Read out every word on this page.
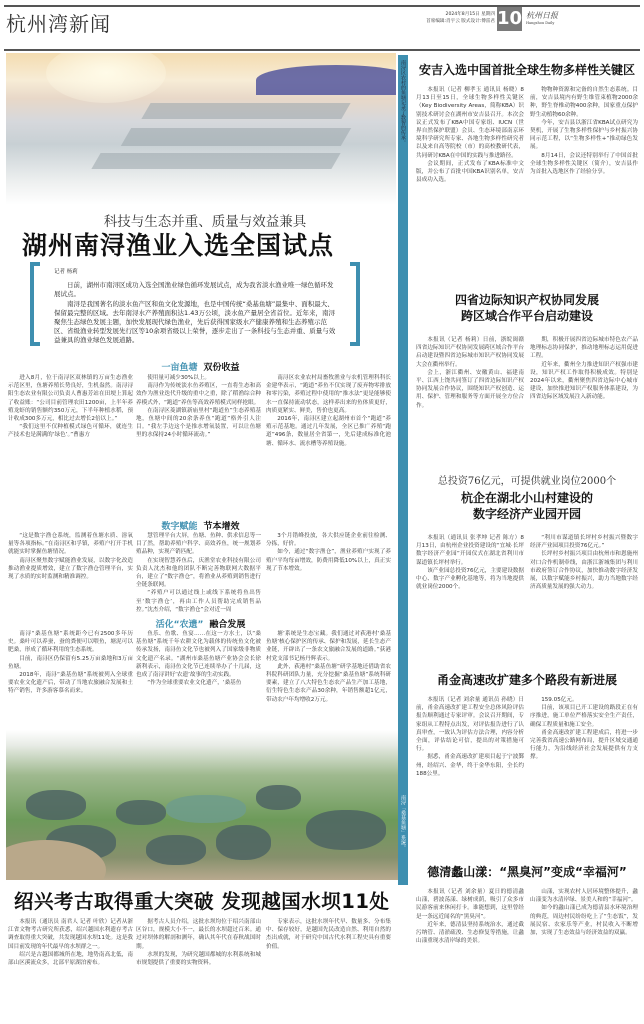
杭州湾新闻	2024年8月15日 星期四
首席编辑:肖宇云 版式设计:傅雷君 10 杭州日报
Hangzhou Daily
南浔区农村的鱼塘记录了数智的传承。
南浔「桑基鱼塘」系统。
科技与生态并重、质量与效益兼具
湖州南浔渔业入选全国试点

记者 杨莉

日前，湖州市南浔区成功入选全国渔业绿色循环发展试点，成为我省淡水渔业唯一绿色循环发展试点。

南浔是我国著名的淡水鱼产区和鱼文化发源地，也是中国传统“桑基鱼塘”最集中、面积最大、保留最完整的区域。去年南浔水产养殖面积达1.43万公顷，淡水鱼产量居全省首位。近年来，南浔聚焦生态绿色发展主题，加快发展现代绿色渔业，先后获得国家级水产健康养殖和生态养殖示范区、省级渔业转型发展先行区等10余项省级以上荣誉，逐步走出了一条科技与生态并重、质量与效益兼具的渔业绿色发展道路。

一亩鱼塘 双份收益

进入8月，位于南浔区双林镇的万亩生态渔业示范区里，鱼塘养殖长势良好，生机盎然。南浔浔阳生态农业有限公司负责人曹惠芳站在田埂上算起了收益账：“公司目前管理农田1200亩，上半年养殖龙虾的销售额约350万元，下半年种植水稻，预计收成300多万元，相比过去增长2倍以上。”

“我们这里不仅种植模式绿色可循环，就连生产技术也是满满的‘绿色’。”曹惠方

使用量可减少30%以上。

南浔作为传统淡水鱼养殖区，一直将生态和高效作为渔业迭代升级的重中之重，除了稻渔综合种养模式外，“跑道”养鱼等高效养殖模式同样抢眼。

在南浔区菱湖镇新庙里村“跑道鱼”生态养殖基地，鱼塘中间的20余条养鱼“跑道”格外引人注目。“我左手边这个是推水增氧装置，可以让鱼塘里的水保持24小时循环流动。”

南浔区农业农村局畜牧渔业与农机管理科科长金建华表示，“跑道”养鱼不仅实现了废弃物零排放和零污染，养殖过程中使用的“推水法”更是能够使水一直保持流动状态，这样养出来的鱼体质更好，肉质更紧实、鲜美，售价也更高。

2016年，南浔区建立起湖州市首个“跑道”养殖示范基地。通过几年发展，全区已推广养殖“跑道”496条，数量居全省第一，先后建成标准化池塘、循环水、流水槽等养殖设施。

数字赋能 节本增效

“这是数字渔仓系统，监测着鱼塘水质、溶氧量等各项指标。”在南浔区和孚镇，养殖户打开手机就能实时掌握鱼塘情况。

南浔区聚焦数字赋能渔业发展，以数字化改造推动渔业提质增效，建立了数字渔仓管理平台，实现了水质的实时监测和精准调控。

慧管理平台大屏，鱼塘、鱼种、供求信息等一目了然，帮助养殖户科学、高效养鱼，统一规划养殖品种，实现产销匹配。

在实现智慧养鱼后，庆渔堂农业科技有限公司负责人沈杰和他的团队不断完善物联网大数据平台，建立了“数字渔仓”，将渔业从养殖到销售进行全链条联网。

“养殖户可以通过线上或线下系统将鱼出售至‘数字渔仓’，再由工作人员帮助完成销售品控。”沈杰介绍，“数字渔仓”会对近一周

3个月错峰投放，各大供应链企业前往检测、分拣，好价。

如今，通过“数字渔仓”，渔业养殖户实现了养殖户平均每亩增效，防费用降低10%以上，真正实现了节本增效。

活化“农遗” 融合发展

南浔“桑基鱼塘”系统距今已有2500多年历史。桑叶可以养蚕，蚕的粪便可以喂鱼，塘泥可以肥桑，形成了循环利用的生态系统。

目前，南浔区仍保留有5.25万亩桑地和3万亩鱼塘。

2018年，南浔“桑基鱼塘”系统被列入全球重要农业文化遗产后，带动了当地农旅融合发展和土特产销售，许多游客慕名而来。

鱼乐、鱼歌、鱼宴……在这一方水土，以“桑基鱼塘”系统千年农耕文化为载体的传统鱼文化被传承发扬，南浔鱼文化节也被列入了国家级非物质文化遗产名录。“湖州市桑基鱼塘产业协会会长徐新利表示，南浔鱼文化节已连续举办了十几届，这也成了南浔讲好‘农遗’故事的生动实践。

“作为全球重要农业文化遗产，‘桑基鱼

塘’系统是生态宝藏。我们通过对荻港村‘桑基鱼塘’核心保护区的传承、保护和发展，延长生态产业链，开辟出了一条农文旅融合发展的道路。”荻港村党支部书记杨丹辉表示。

此外，荻港村“桑基鱼塘”研学基地还借助省农科院科研团队力量，充分挖掘“桑基鱼塘”系统科研要素，建立了八大特色生态农产品生产加工基地，衍生特色生态农产品30余种，年销售额超1亿元，带动农户年均增收2万元。

绍兴考古取得重大突破 发现越国水坝11处

本报讯（通讯员 南君人 记者 叶欣）记者从浙江省文物考古研究所获悉，绍兴越国水利遗存考古调查取得重大突破，共发现越国水坝11处。这是我国目前发现的年代最早的水坝群之一。

绍兴是古越国都城所在地，地势南高北低，南部山区溪流众多，北部平原湖泊密布。

据考古人员介绍，这批水坝均位于绍兴南部山区谷口，规模大小不一，最长的水坝超过百米。通过对坝体的解剖和测年，确认其年代在春秋战国时期。

水坝的发现，为研究越国都城的水利系统和城市规划提供了重要的实物资料。

专家表示，这批水坝年代早、数量多、分布集中、保存较好，是越国先民改造自然、利用自然的杰出成就，对于研究中国古代水利工程史具有重要价值。

安吉入选中国首批全球生物多样性关键区

本报讯（记者 柳孝玉 通讯员 杨晓）8月13日至15日，全球生物多样性关键区（Key Biodiversity Areas，简称KBA）识别技术研讨会在湖州市安吉县召开。本次会议正式发布了KBA中国专家组、IUCN（世界自然保护联盟）会员、生态环境部南京环境科学研究所专家、各地生物多样性研究者以及来自高等院校（市）的高校教研代表，共同研讨KBA在中国的实践与推进路径。

会议期间，正式发布了KBA标准中文版，并公布了首批中国KBA识别名单，安吉县成功入选。

物物种资源和完备的自然生态系统。目前，安吉县境内有野生维管束植物2000余种，野生脊椎动物400余种，国家重点保护野生动植物60余种。

今年，安吉县以浙江省KBA试点研究为契机，开展了生物多样性保护与乡村振兴协同示范工程，以“生物多样性+”推动绿色发展。

8月14日，会议还特别举行了中国首批全球生物多样性关键区（简介），安吉县作为首批入选地区作了经验分享。

四省边际知识产权协同发展
跨区域合作平台启动建设

本报讯（记者 杨莉）日前，浙皖闽赣四省边际知识产权协同发展跨区域合作平台启动建设暨四省边际城市知识产权协同发展大会在衢州举行。

会上，浙江衢州、安徽黄山、福建南平、江西上饶共同签订了四省边际知识产权协同发展合作协议，围绕知识产权创造、运用、保护、管理和服务等方面开展全方位合作。

期，积极开展四省边际城市特色农产品地理标志协同保护，推动地理标志运用促进工程。

近年来，衢州全力推进知识产权强市建设，知识产权工作取得积极成效。特别是2024年以来，衢州聚焦四省边际中心城市建设，加快推进知识产权服务体系建设，为四省边际区域发展注入新动能。

总投资76亿元，可提供就业岗位2000个
杭企在湖北小山村建设的
数字经济产业园开园

本报讯（通讯员 张孝坤 记者 陈方）8月13日，由杭州企业投资建设的“宜城·长坪数字经济产业园”开园仪式在湖北省利川市谋道镇长坪村举行。

该产业园总投资76亿元，主要建设数据中心、数字产业孵化基地等，将为当地提供就业岗位2000个。

“利川市谋道镇长坪村乡村振兴暨数字经济产业园项目投资76亿元。”

长坪村乡村振兴项目由杭州市和恩施州对口合作机制牵线，由浙江浙城集团与利川市政府签订合作协议，加快推动数字经济发展，以数字赋能乡村振兴，助力当地数字经济高质量发展的强大动力。

甬金高速改扩建多个路段有新进展

本报讯（记者 刘余量 通讯员 孙晓）日前，甬金高速改扩建工程安全总体风险评估报告顺利通过专家评审。会议召开期间，专家组从工程特点出发，对评估报告进行了认真审查，一致认为评估方法合理，内容分析全面，评估结论可信，提出的对策措施可行。

据悉，甬金高速改扩建项目起于宁波鄞州，经绍兴、金华，终于金华东阳，全长约188公里。

159.05亿元。

目前，该项目已开工建设的路段正在有序推进，施工单位严格落实安全生产责任，确保工程质量和施工安全。

甬金高速改扩建工程建成后，将进一步完善我省高速公路网布局，提升区域交通通行能力，为沿线经济社会发展提供有力支撑。

德清蠡山漾：“黑臭河”变成“幸福河”

本报讯（记者 刘余量）夏日的德清蠡山漾，碧波荡漾、绿树成荫，吸引了众多市民游客前来休闲打卡。谁能想到，这里曾经是一条远近闻名的“黑臭河”。

近年来，德清县坚持系统治水，通过截污纳管、清淤疏浚、生态修复等措施，让蠡山漾重现水清岸绿的美景。

山漾，实现农村人居环境整体提升，蠡山漾变为水清岸绿、景美人和的“幸福河”。

如今的蠡山漾已成为德清县水环境治理的典范，周边村民纷纷吃上了“生态饭”，发展民宿、农家乐等产业，村民收入不断增加，实现了生态效益与经济效益的双赢。
